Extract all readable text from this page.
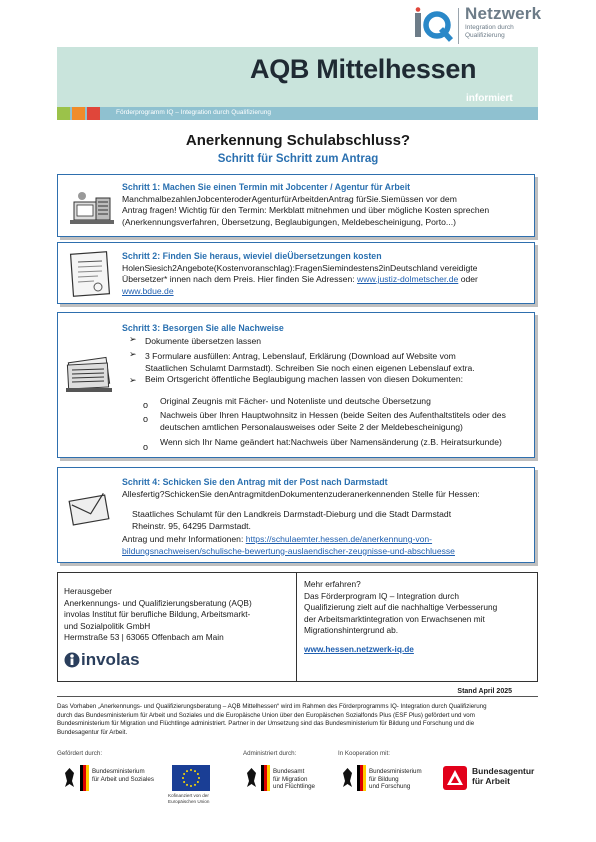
Netzwerk
Integration durch
Qualifizierung
AQB Mittelhessen
informiert
Förderprogramm IQ – Integration durch Qualifizierung
Anerkennung Schulabschluss?
Schritt für Schritt zum Antrag
Schritt 1: Machen Sie einen Termin mit Jobcenter / Agentur für Arbeit
ManchmalbezahlenJobcenteroderAgenturfürArbeitdenAntrag fürSie.Siemüssen vor dem
Antrag fragen! Wichtig für den Termin: Merkblatt mitnehmen und über mögliche Kosten sprechen
(Anerkennungsverfahren, Übersetzung, Beglaubigungen, Meldebescheinigung, Porto...)
Schritt 2: Finden Sie heraus, wieviel dieÜbersetzungen kosten
HolenSiesich2Angebote(Kostenvoranschlag):FragenSiemindestens2inDeutschland vereidigte
Übersetzer* innen nach dem Preis. Hier finden Sie Adressen: www.justiz-dolmetscher.de oder
www.bdue.de
Schritt 3: Besorgen Sie alle Nachweise
➢ Dokumente übersetzen lassen
➢ 3 Formulare ausfüllen: Antrag, Lebenslauf, Erklärung (Download auf Website vom
Staatlichen Schulamt Darmstadt). Schreiben Sie noch einen eigenen Lebenslauf extra.
➢ Beim Ortsgericht öffentliche Beglaubigung machen lassen von diesen Dokumenten:
o Original Zeugnis mit Fächer- und Notenliste und deutsche Übersetzung
o Nachweis über Ihren Hauptwohnsitz in Hessen (beide Seiten des Aufenthaltstitels oder des
deutschen amtlichen Personalausweises oder Seite 2 der Meldebescheinigung)
o Wenn sich Ihr Name geändert hat:Nachweis über Namensänderung (z.B. Heiratsurkunde)
Schritt 4: Schicken Sie den Antrag mit der Post nach Darmstadt
Allesfertig?SchickenSie denAntragmitdenDokumentenzuderanerkennenden Stelle für Hessen:
Staatliches Schulamt für den Landkreis Darmstadt-Dieburg und die Stadt Darmstadt
Rheinstr. 95, 64295 Darmstadt.
Antrag und mehr Informationen: https://schulaemter.hessen.de/anerkennung-von-
bildungsnachweisen/schulische-bewertung-auslaendischer-zeugnisse-und-abschluesse
Herausgeber
Anerkennungs- und Qualifizierungsberatung (AQB)
involas Institut für berufliche Bildung, Arbeitsmarkt-
und Sozialpolitik GmbH
Hermstraße 53 | 63065 Offenbach am Main
involas
Mehr erfahren?
Das Förderprogram IQ – Integration durch
Qualifizierung zielt auf die nachhaltige Verbesserung
der Arbeitsmarktintegration von Erwachsenen mit
Migrationshintergrund ab.
www.hessen.netzwerk-iq.de
Stand April 2025
Das Vorhaben „Anerkennungs- und Qualifizierungsberatung – AQB Mittelhessen“ wird im Rahmen des Förderprogramms IQ- Integration durch Qualifizierung
durch das Bundesministerium für Arbeit und Soziales und die Europäische Union über den Europäischen Sozialfonds Plus (ESF Plus) gefördert und vom
Bundesministerium für Migration und Flüchtlinge administriert. Partner in der Umsetzung sind das Bundesministerium für Bildung und Forschung und die
Bundesagentur für Arbeit.
Gefördert durch:	Administriert durch:	In Kooperation mit:
Bundesministerium
für Arbeit und Soziales
Kofinanziert von der
Europäischen Union
Bundesamt
für Migration
und Flüchtlinge
Bundesministerium
für Bildung
und Forschung
Bundesagentur
für Arbeit
